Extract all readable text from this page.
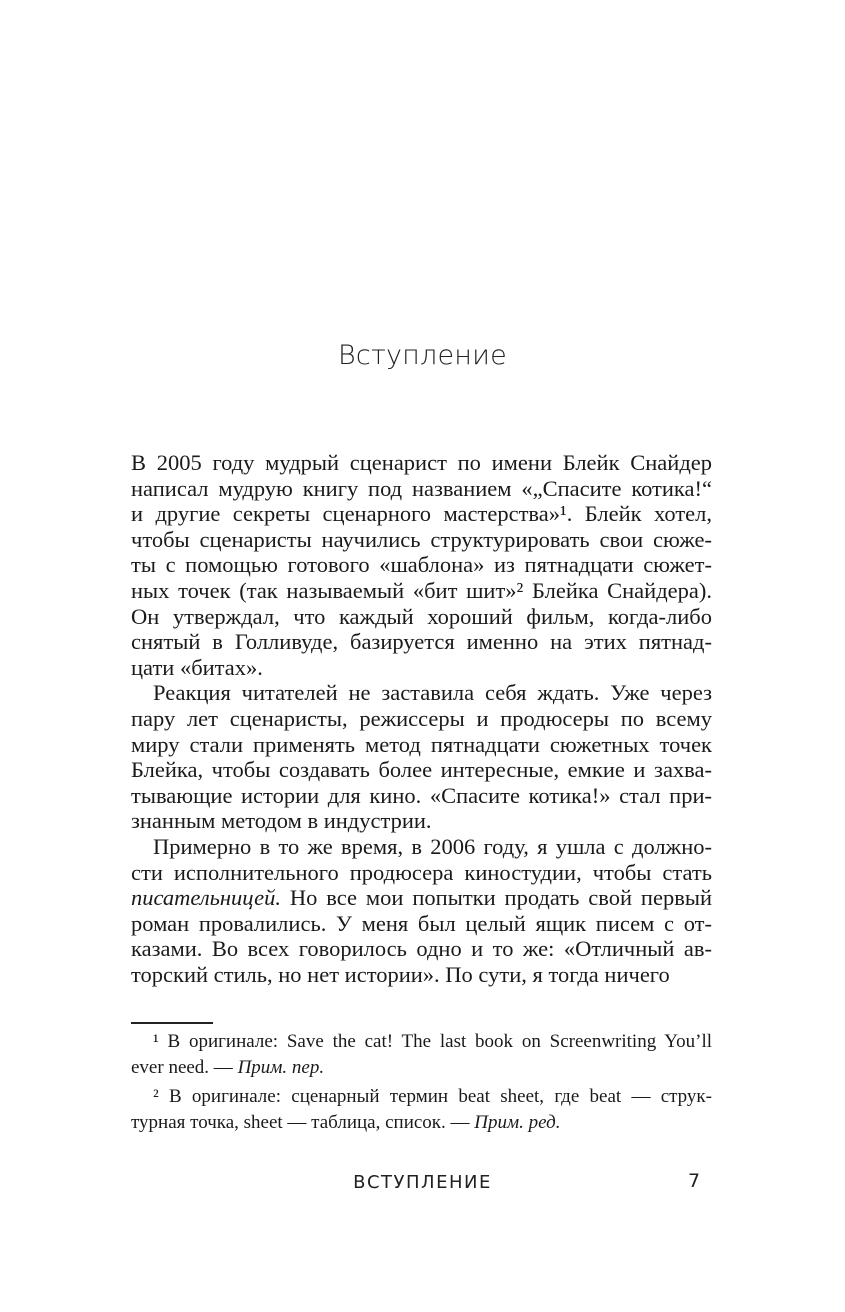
Вступление
В 2005 году мудрый сценарист по имени Блейк Снайдер
написал мудрую книгу под названием «„Спасите котика!“
и другие секреты сценарного мастерства»¹. Блейк хотел,
чтобы сценаристы научились структурировать свои сюже-
ты с помощью готового «шаблона» из пятнадцати сюжет-
ных точек (так называемый «бит шит»² Блейка Снайдера).
Он утверждал, что каждый хороший фильм, когда-либо
снятый в Голливуде, базируется именно на этих пятнад-
цати «битах».
Реакция читателей не заставила себя ждать. Уже через
пару лет сценаристы, режиссеры и продюсеры по всему
миру стали применять метод пятнадцати сюжетных точек
Блейка, чтобы создавать более интересные, емкие и захва-
тывающие истории для кино. «Спасите котика!» стал при-
знанным методом в индустрии.
Примерно в то же время, в 2006 году, я ушла с должно-
сти исполнительного продюсера киностудии, чтобы стать
писательницей. Но все мои попытки продать свой первый
роман провалились. У меня был целый ящик писем с от-
казами. Во всех говорилось одно и то же: «Отличный ав-
торский стиль, но нет истории». По сути, я тогда ничего
¹ В оригинале: Save the cat! The last book on Screenwriting You’ll
ever need. — Прим. пер.
² В оригинале: сценарный термин beat sheet, где beat — струк-
турная точка, sheet — таблица, список. — Прим. ред.
ВСТУПЛЕНИЕ	7
